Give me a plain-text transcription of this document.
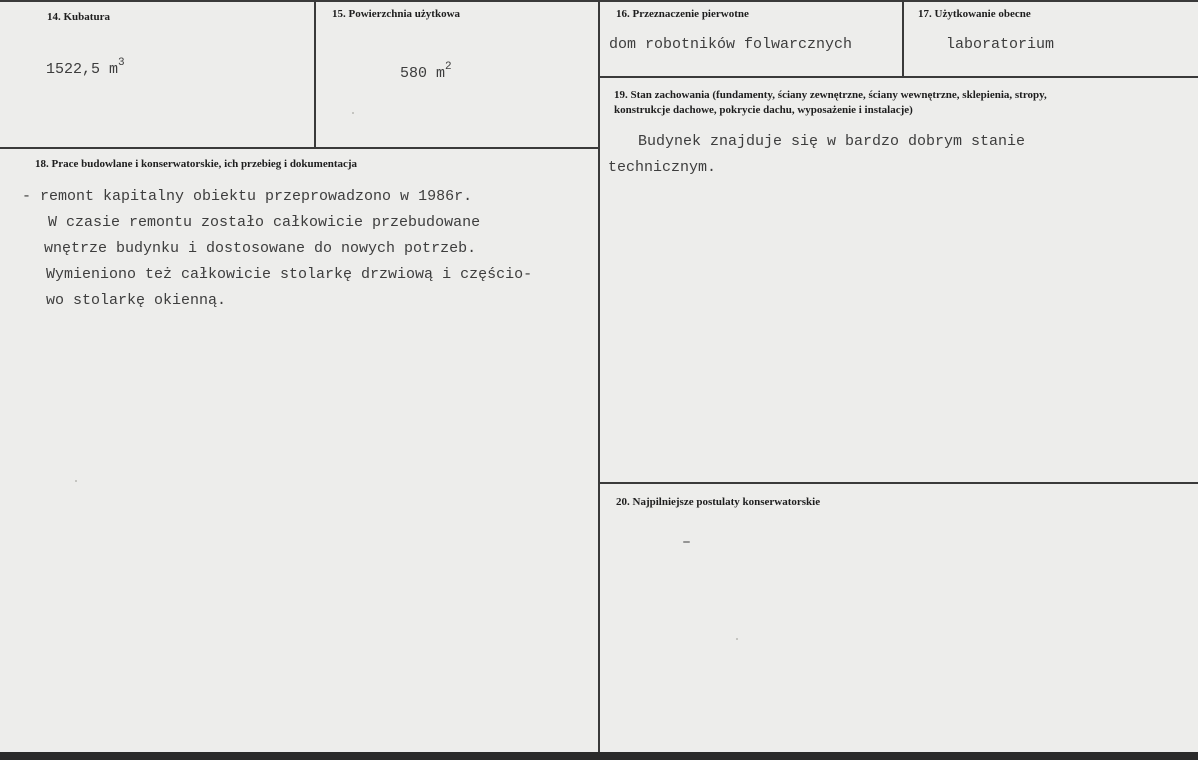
14. Kubatura
1522,5 $m^3$
15. Powierzchnia użytkowa
580 $m^2$
16. Przeznaczenie pierwotne
dom robotników folwarcznych
17. Użytkowanie obecne
laboratorium
18. Prace budowlane i konserwatorskie, ich przebieg i dokumentacja
- remont kapitalny obiektu przeprowadzono w 1986r.
W czasie remontu zostało całkowicie przebudowane
wnętrze budynku i dostosowane do nowych potrzeb.
Wymieniono też całkowicie stolarkę drzwiową i częścio-
wo stolarkę okienną.
19. Stan zachowania (fundamenty, ściany zewnętrzne, ściany wewnętrzne, sklepienia, stropy,
konstrukcje dachowe, pokrycie dachu, wyposażenie i instalacje)
Budynek znajduje się w bardzo dobrym stanie
technicznym.
20. Najpilniejsze postulaty konserwatorskie
–
